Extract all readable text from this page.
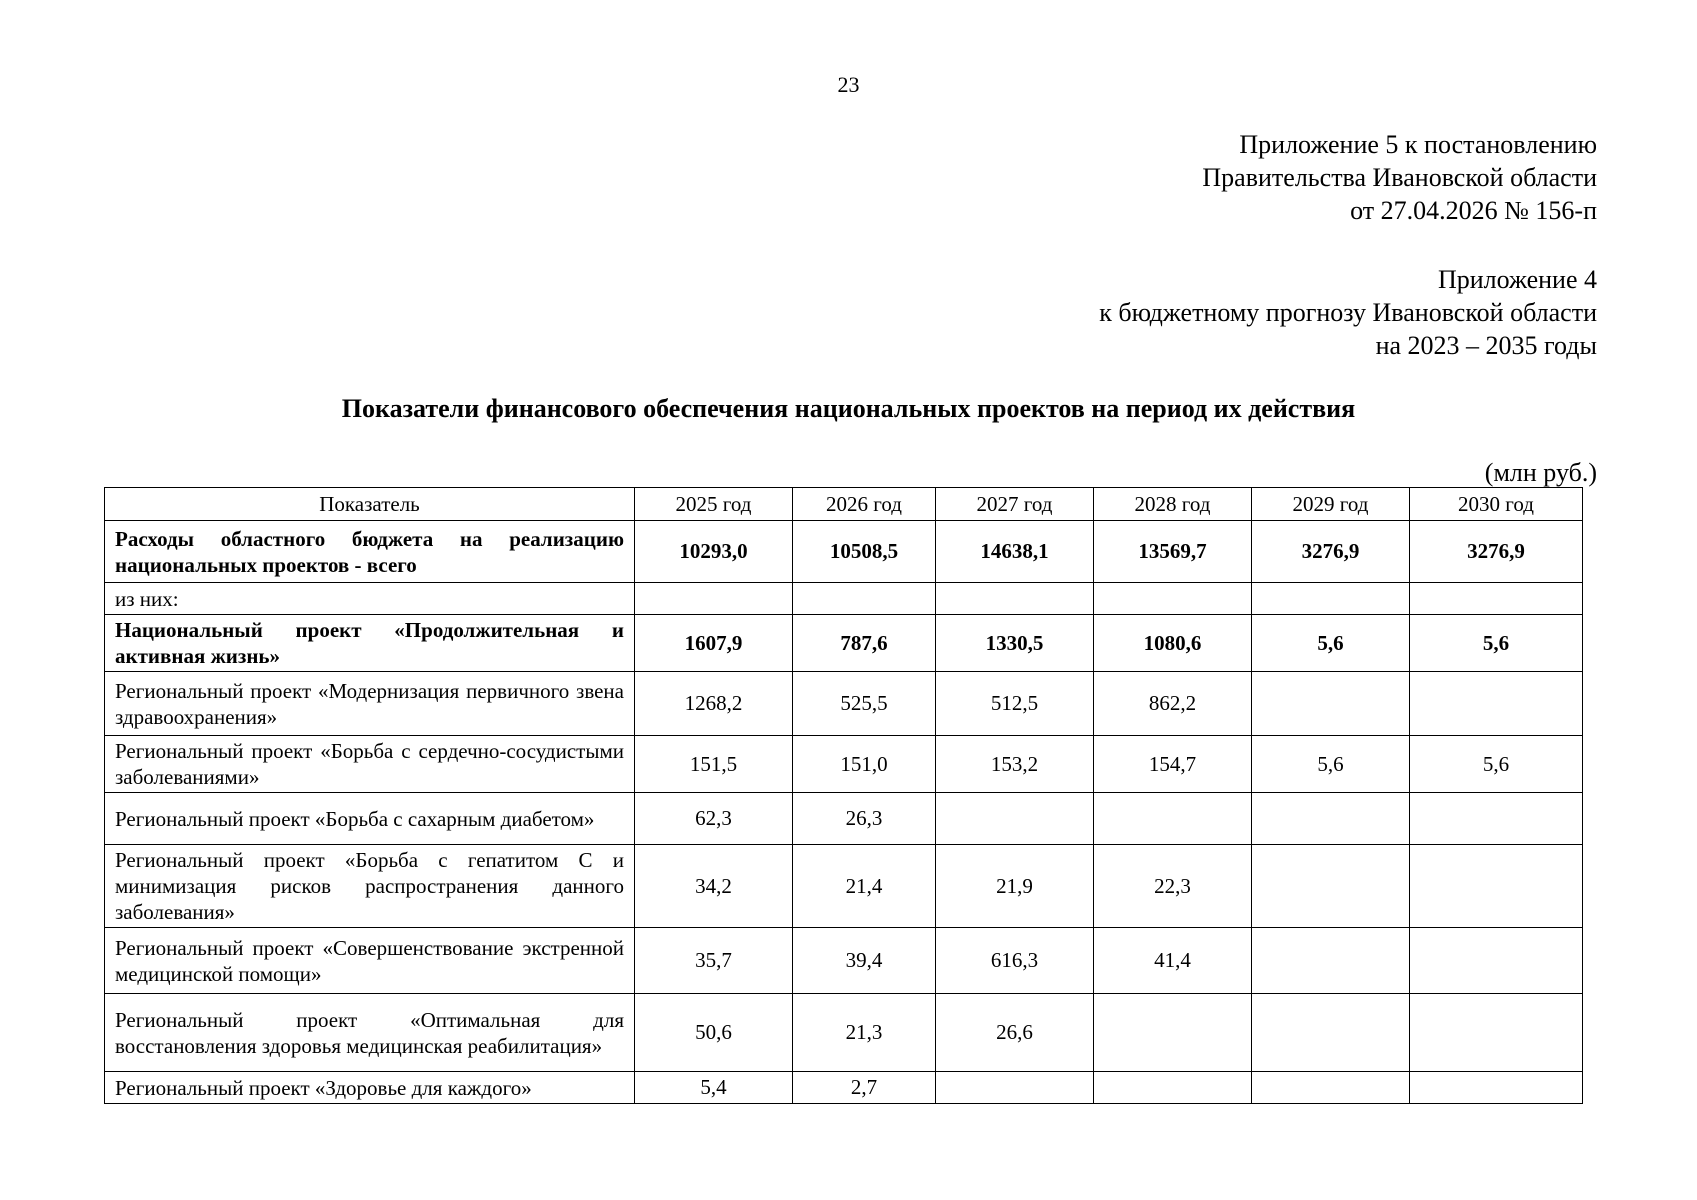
23
Приложение 5 к постановлению
Правительства Ивановской области
от 27.04.2026 № 156-п
Приложение 4
к бюджетному прогнозу Ивановской области
на 2023 – 2035 годы
Показатели финансового обеспечения национальных проектов на период их действия
(млн руб.)
Показатель	2025 год	2026 год	2027 год	2028 год	2029 год	2030 год
Расходы областного бюджета на реализацию национальных проектов - всего	10293,0	10508,5	14638,1	13569,7	3276,9	3276,9
из них:						
Национальный проект «Продолжительная и активная жизнь»	1607,9	787,6	1330,5	1080,6	5,6	5,6
Региональный проект «Модернизация первичного звена здравоохранения»	1268,2	525,5	512,5	862,2		
Региональный проект «Борьба с сердечно-сосудистыми заболеваниями»	151,5	151,0	153,2	154,7	5,6	5,6
Региональный проект «Борьба с сахарным диабетом»	62,3	26,3				
Региональный проект «Борьба с гепатитом С и минимизация рисков распространения данного заболевания»	34,2	21,4	21,9	22,3		
Региональный проект «Совершенствование экстренной медицинской помощи»	35,7	39,4	616,3	41,4		
Региональный проект «Оптимальная для восстановления здоровья медицинская реабилитация»	50,6	21,3	26,6			
Региональный проект «Здоровье для каждого»	5,4	2,7				
